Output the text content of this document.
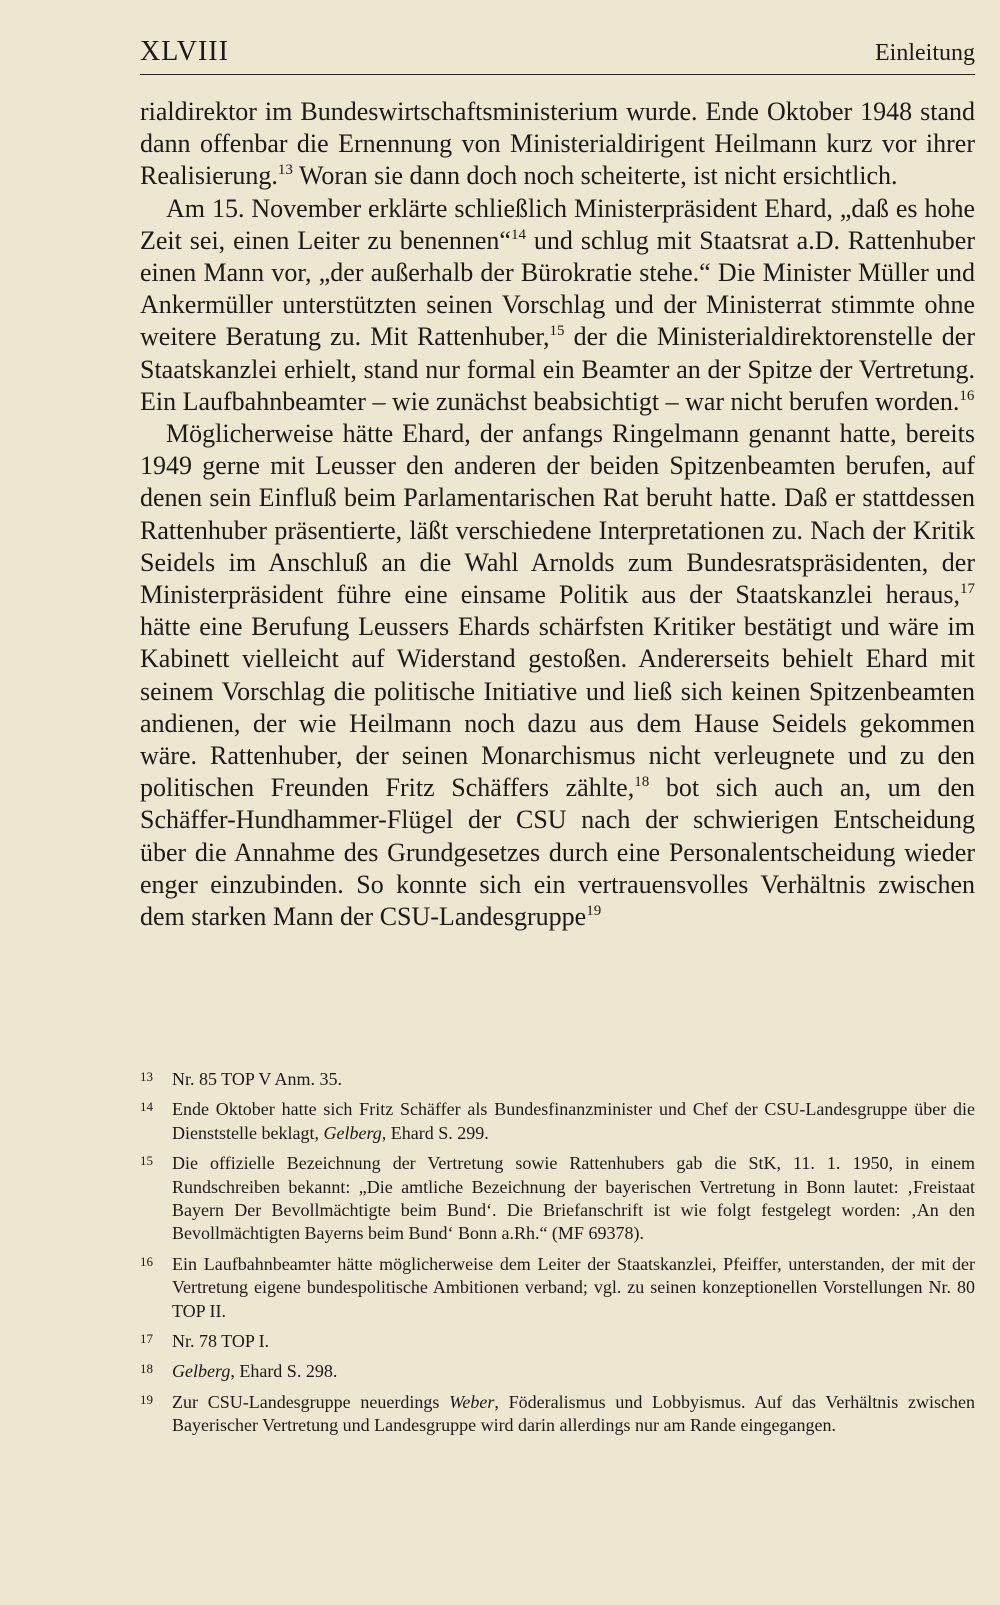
XLVIII	Einleitung

rialdirektor im Bundeswirtschaftsministerium wurde. Ende Oktober 1948 stand dann offenbar die Ernennung von Ministerialdirigent Heilmann kurz vor ihrer Realisierung.$^{13}$ Woran sie dann doch noch scheiterte, ist nicht ersichtlich.

Am 15. November erklärte schließlich Ministerpräsident Ehard, „daß es hohe Zeit sei, einen Leiter zu benennen“$^{14}$ und schlug mit Staatsrat a.D. Rattenhuber einen Mann vor, „der außerhalb der Bürokratie stehe.“ Die Minister Müller und Ankermüller unterstützten seinen Vorschlag und der Ministerrat stimmte ohne weitere Beratung zu. Mit Rattenhuber,$^{15}$ der die Ministerialdirektorenstelle der Staatskanzlei erhielt, stand nur formal ein Beamter an der Spitze der Vertretung. Ein Laufbahnbeamter – wie zunächst beabsichtigt – war nicht berufen worden.$^{16}$

Möglicherweise hätte Ehard, der anfangs Ringelmann genannt hatte, bereits 1949 gerne mit Leusser den anderen der beiden Spitzenbeamten berufen, auf denen sein Einfluß beim Parlamentarischen Rat beruht hatte. Daß er stattdessen Rattenhuber präsentierte, läßt verschiedene Interpretationen zu. Nach der Kritik Seidels im Anschluß an die Wahl Arnolds zum Bundesratspräsidenten, der Ministerpräsident führe eine einsame Politik aus der Staatskanzlei heraus,$^{17}$ hätte eine Berufung Leussers Ehards schärfsten Kritiker bestätigt und wäre im Kabinett vielleicht auf Widerstand gestoßen. Andererseits behielt Ehard mit seinem Vorschlag die politische Initiative und ließ sich keinen Spitzenbeamten andienen, der wie Heilmann noch dazu aus dem Hause Seidels gekommen wäre. Rattenhuber, der seinen Monarchismus nicht verleugnete und zu den politischen Freunden Fritz Schäffers zählte,$^{18}$ bot sich auch an, um den Schäffer-Hundhammer-Flügel der CSU nach der schwierigen Entscheidung über die Annahme des Grundgesetzes durch eine Personalentscheidung wieder enger einzubinden. So konnte sich ein vertrauensvolles Verhältnis zwischen dem starken Mann der CSU-Landesgruppe$^{19}$

13 Nr. 85 TOP V Anm. 35.
14 Ende Oktober hatte sich Fritz Schäffer als Bundesfinanzminister und Chef der CSU-Landesgruppe über die Dienststelle beklagt, Gelberg, Ehard S. 299.
15 Die offizielle Bezeichnung der Vertretung sowie Rattenhubers gab die StK, 11. 1. 1950, in einem Rundschreiben bekannt: „Die amtliche Bezeichnung der bayerischen Vertretung in Bonn lautet: ‚Freistaat Bayern Der Bevollmächtigte beim Bund‘. Die Briefanschrift ist wie folgt festgelegt worden: ‚An den Bevollmächtigten Bayerns beim Bund‘ Bonn a.Rh.“ (MF 69378).
16 Ein Laufbahnbeamter hätte möglicherweise dem Leiter der Staatskanzlei, Pfeiffer, unterstanden, der mit der Vertretung eigene bundespolitische Ambitionen verband; vgl. zu seinen konzeptionellen Vorstellungen Nr. 80 TOP II.
17 Nr. 78 TOP I.
18 Gelberg, Ehard S. 298.
19 Zur CSU-Landesgruppe neuerdings Weber, Föderalismus und Lobbyismus. Auf das Verhältnis zwischen Bayerischer Vertretung und Landesgruppe wird darin allerdings nur am Rande eingegangen.
